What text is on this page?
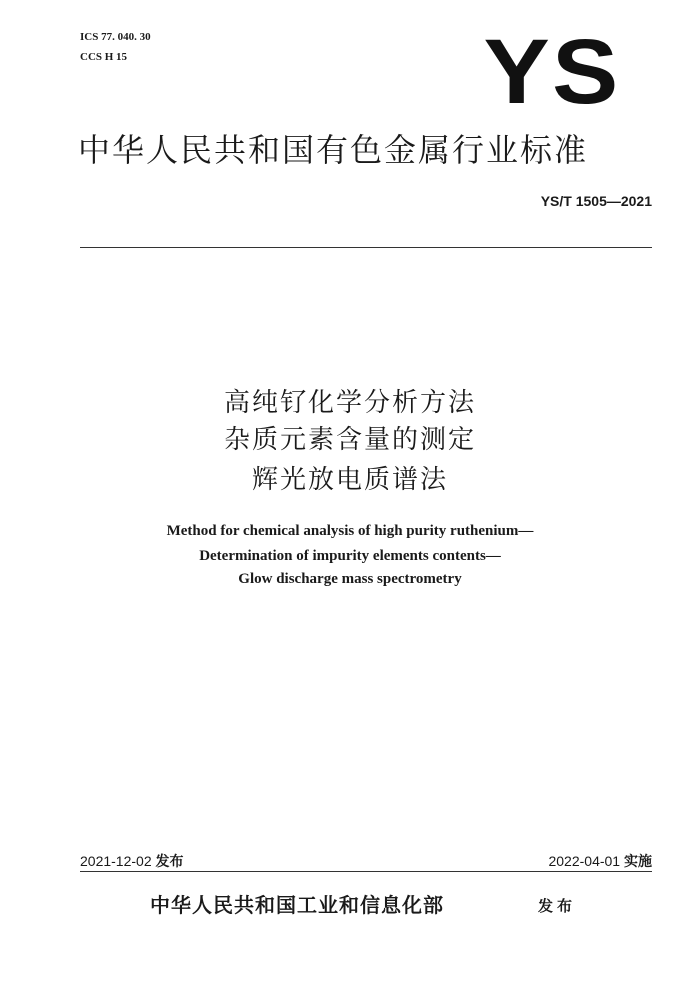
ICS 77. 040. 30
CCS H 15	YS
中华人民共和国有色金属行业标准
YS/T 1505—2021
高纯钌化学分析方法
杂质元素含量的测定
辉光放电质谱法
Method for chemical analysis of high purity ruthenium—
Determination of impurity elements contents—
Glow discharge mass spectrometry
2021-12-02 发布	2022-04-01 实施
中华人民共和国工业和信息化部	发布
